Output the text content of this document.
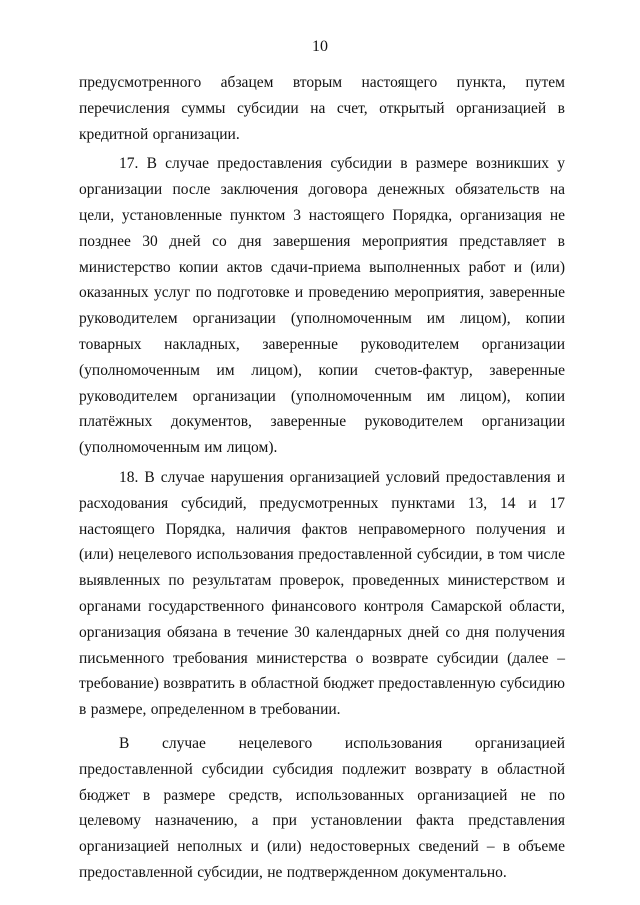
10

предусмотренного абзацем вторым настоящего пункта, путем перечисления суммы субсидии на счет, открытый организацией в кредитной организации.

17. В случае предоставления субсидии в размере возникших у организации после заключения договора денежных обязательств на цели, установленные пунктом 3 настоящего Порядка, организация не позднее 30 дней со дня завершения мероприятия представляет в министерство копии актов сдачи-приема выполненных работ и (или) оказанных услуг по подготовке и проведению мероприятия, заверенные руководителем организации (уполномоченным им лицом), копии товарных накладных, заверенные руководителем организации (уполномоченным им лицом), копии счетов-фактур, заверенные руководителем организации (уполномоченным им лицом), копии платёжных документов, заверенные руководителем организации (уполномоченным им лицом).

18. В случае нарушения организацией условий предоставления и расходования субсидий, предусмотренных пунктами 13, 14 и 17 настоящего Порядка, наличия фактов неправомерного получения и (или) нецелевого использования предоставленной субсидии, в том числе выявленных по результатам проверок, проведенных министерством и органами государственного финансового контроля Самарской области, организация обязана в течение 30 календарных дней со дня получения письменного требования министерства о возврате субсидии (далее – требование) возвратить в областной бюджет предоставленную субсидию в размере, определенном в требовании.

В случае нецелевого использования организацией предоставленной субсидии субсидия подлежит возврату в областной бюджет в размере средств, использованных организацией не по целевому назначению, а при установлении факта представления организацией неполных и (или) недостоверных сведений – в объеме предоставленной субсидии, не подтвержденном документально.
